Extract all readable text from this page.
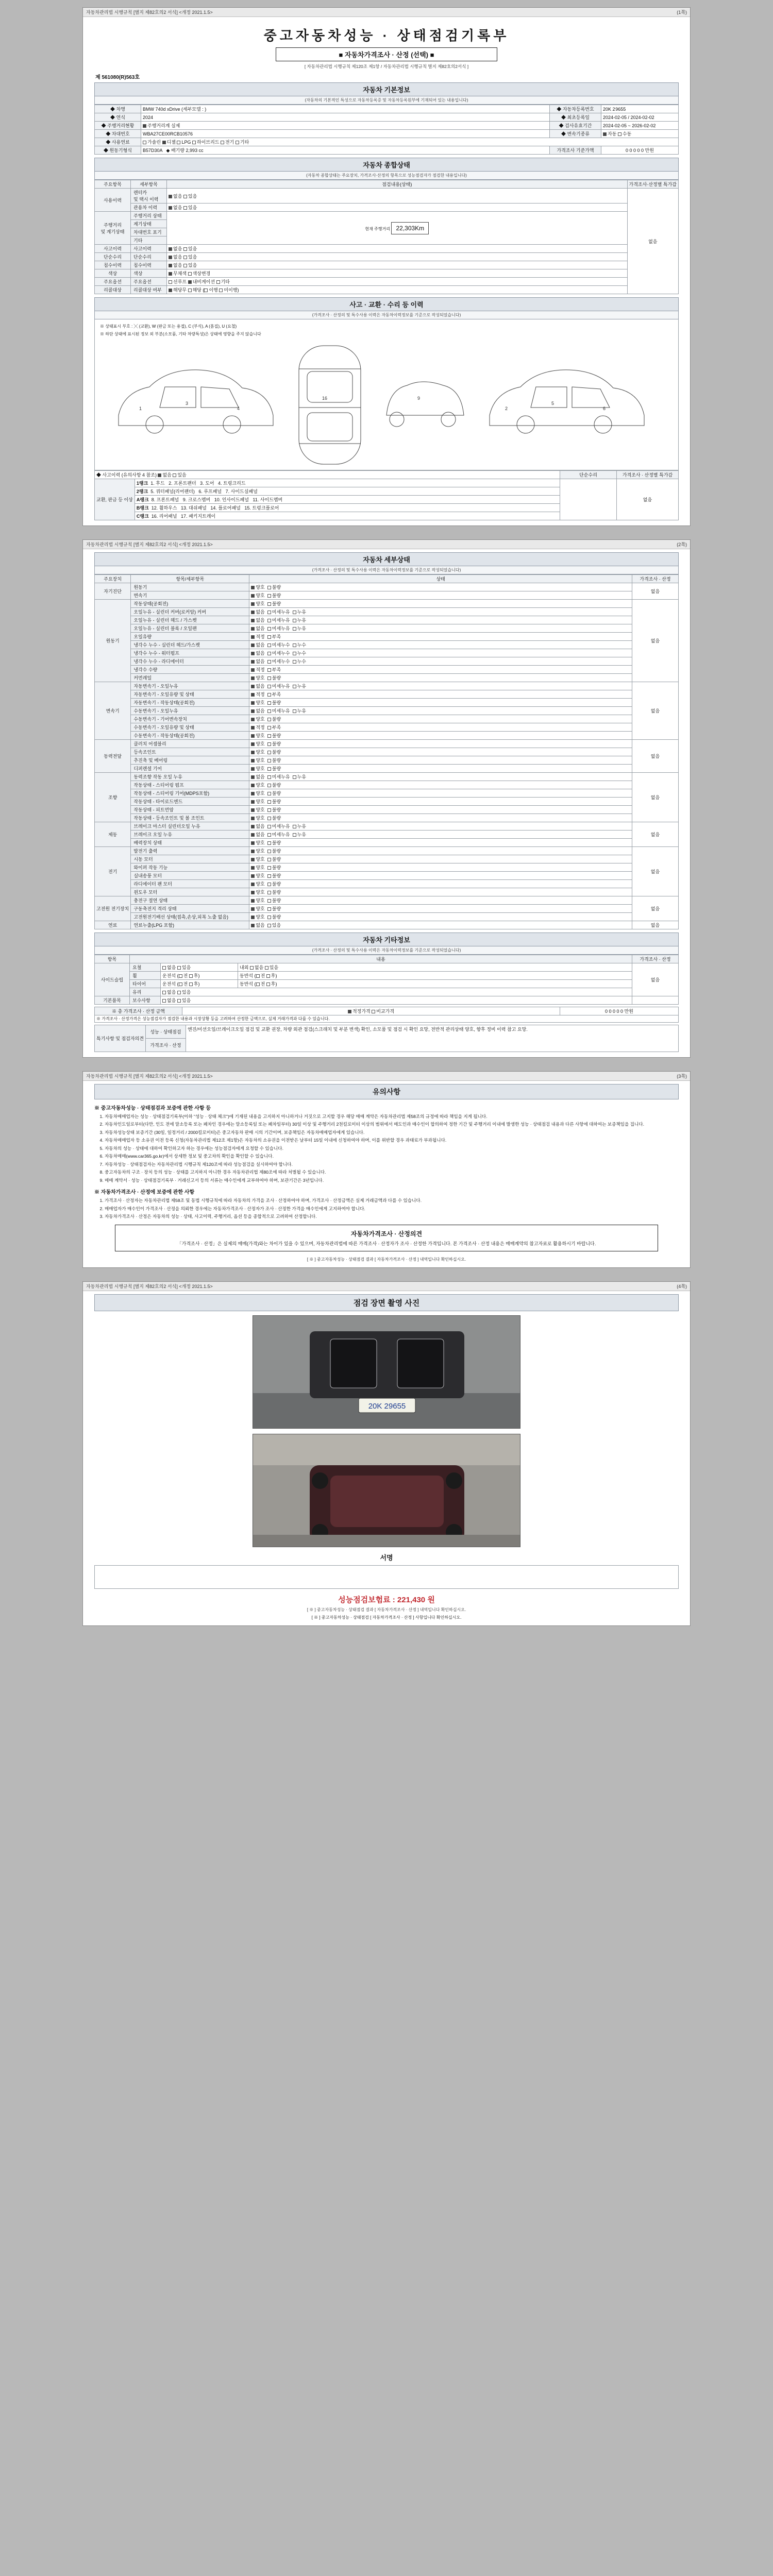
자동차관리법 시행규칙 [별지 제82호의2 서식] <개정 2021.1.5>	(1쪽)
중고자동차성능 · 상태점검기록부
■ 자동차가격조사 · 산정 (선택) ■
[ 자동차관리법 시행규칙 제120조 제1항 / 자동차관리법 시행규칙 별지 제82호의2서식 ]
제 561080(R)563호
자동차 기본정보
(자동차의 기본적인 특성으로 자동차등록증 및 자동차등록원부에 기재되어 있는 내용입니다)
◆ 차명	BMW 740d xDrive (세부모델 : )	◆ 자동차등록번호	20K 2 9655
◆ 연식	2024	◆ 최초등록일	2024-02-05 / 2024-02-02
◆ 주행거리현황	주행거리계 실제	◆ 검사유효기간	2024-02-05 ~ 2026-02-02
◆ 차대번호	WBA27CE00RCB10576	◆ 변속기종류	자동 수동
◆ 사용연료	가솔린 디젤 LPG 하이브리드 전기 기타		
◆ 원동기형식	B57D30A   ◆ 배기량 2,993 cc	가격조사 기준가액	0 0 0 0 0 만원
자동차 종합상태
(자동차 종합상태는 주요장치, 가격조사·산정의 항목으로 성능점검자가 점검한 내용입니다)
주요항목	세부항목	점검내용(상태)	가격조사·산정별 특가감
사용이력	렌터카
및 택시 이력	없음 있음	없음
	관용차 이력	없음 있음	
주행거리
및 계기상태	주행거리 상태	현재 주행거리 22,303Km	
	계기상태		
	차대번호 표기		
	기타		
사고이력	사고이력	없음 있음	
단순수리	단순수리	없음 있음	
침수이력	침수이력	없음 있음	
색상	색상	무채색 색상변경	
주요옵션	주요옵션	선루프 내비게이션 기타	
리콜대상	리콜대상 여부	해당무 해당 ( 이행 미이행)	
사고 · 교환 · 수리 등 이력
(가격조사 · 산정의 및 특수사용 이력은 자동차이력정보를 기준으로 작성되었습니다)
※ 상태표시 부호 : ╳ (교환), W (판금 또는 용접), C (부식), A (흠집), U (요철)
※ 하단 상태에 표시된 정보 외 부분(소모품, 기타 차량특성)은 상태에 영향을 주지 않습니다
1
3
4
16	9
2
5
6
◆ 사고이력 (유의사항 4 참조) 없음 있음		단순수리	가격조사 · 산정별 특가감
교환, 판금 등 이상	1랭크  1. 후드   2. 프론트팬더   3. 도어   4. 트렁크리드		없음
	2랭크  5. 쿼터패널(리어팬더)   6. 루프패널   7. 사이드실패널		
	A랭크  8. 프론트패널   9. 크로스멤버   10. 인사이드패널   11. 사이드멤버		
	B랭크  12. 휠하우스   13. 대쉬패널   14. 플로어패널   15. 트렁크플로어		
	C랭크  16. 리어패널   17. 패키지트레이		
자동차관리법 시행규칙 [별지 제82호의2 서식] <개정 2021.1.5>	(2쪽)
자동차 세부상태
(가격조사 · 산정의 및 특수사용 이력은 자동차이력정보를 기준으로 작성되었습니다)
주요장치	항목/세부항목	상태	가격조사 · 산정
자기진단	원동기	양호  불량	없음
	변속기	양호  불량	
원동기	작동상태(공회전)	양호  불량	없음
	오일누유 - 실린더 커버(로커암) 커버	없음  미세누유  누유	
	오일누유 - 실린더 헤드 / 가스켓	없음  미세누유  누유	
	오일누유 - 실린더 블록 / 오일팬	없음  미세누유  누유	
	오일유량	적정  부족	
	냉각수 누수 - 실린더 헤드/가스켓	없음  미세누수  누수	
	냉각수 누수 - 워터펌프	없음  미세누수  누수	
	냉각수 누수 - 라디에이터	없음  미세누수  누수	
	냉각수 수량	적정  부족	
	커먼레일	양호  불량	
변속기	자동변속기 - 오일누유	없음  미세누유  누유	없음
	자동변속기 - 오일유량 및 상태	적정  부족	
	자동변속기 - 작동상태(공회전)	양호  불량	
	수동변속기 - 오일누유	없음  미세누유  누유	
	수동변속기 - 기어변속장치	양호  불량	
	수동변속기 - 오일유량 및 상태	적정  부족	
	수동변속기 - 작동상태(공회전)	양호  불량	
동력전달	클러치 어셈블리	양호  불량	없음
	등속조인트	양호  불량	
	추진축 및 베어링	양호  불량	
	디퍼렌셜 기어	양호  불량	
조향	동력조향 작동 오일 누유	없음  미세누유  누유	없음
	작동상태 - 스티어링 펌프	양호  불량	
	작동상태 - 스티어링 기어(MDPS포함)	양호  불량	
	작동상태 - 타이로드엔드	양호  불량	
	작동상태 - 피트먼암	양호  불량	
	작동상태 - 등속조인트 및 볼 조인트	양호  불량	
제동	브레이크 마스터 실린더오일 누유	없음  미세누유  누유	없음
	브레이크 오일 누유	없음  미세누유  누유	
	배력장치 상태	양호  불량	
전기	발전기 출력	양호  불량	없음
	시동 모터	양호  불량	
	와이퍼 작동 기능	양호  불량	
	실내송풍 모터	양호  불량	
	라디에이터 팬 모터	양호  불량	
	윈도우 모터	양호  불량	
고전원 전기장치	충전구 절연 상태	양호  불량	없음
	구동축전지 격리 상태	양호  불량	
	고전원전기배선 상태(접촉,손상,피복 노출 없음)	양호  불량	
연료	연료누출(LPG 포함)	없음  있음	없음
자동차 기타정보
(가격조사 · 산정의 및 특수사용 이력은 자동차이력정보를 기준으로 작성되었습니다)
항목	내용			가격조사 · 산정
사이드슬립	요철	없음 있음	내외 없음 있음	없음
	휠	운전석 ( 전 후)	동반석 ( 전 후)	
	타이어	운전석 ( 전 후)	동반석 ( 전 후)	
	유리	없음 있음		
기본품목	보수사항	없음 있음		
※ 총 가격조사 · 산정 금액	적정가격 비교가격	0 0 0 0 0 만원
※ 가격조사 · 산정가격은 성능점검자가 점검한 내용과 시장상황 등을 고려하여 산정한 금액으로, 실제 거래가격과 다를 수 있습니다.
특기사항 및 점검자의견	성능 · 상태점검	엔진/미션오일/브레이크오일 점검 및 교환 권장, 차량 외관 점검(스크래치 및 부분 변색) 확인, 소모품 및 점검 시 확인 요망, 전반적 관리상태 양호, 향후 정비 이력 참고 요망.
가격조사 · 산정
자동차관리법 시행규칙 [별지 제82호의2 서식] <개정 2021.1.5>	(3쪽)
유의사항
※ 중고자동차성능 · 상태점검과 보증에 관한 사항 등
1. 자동차매매업자는 성능 · 상태점검기록부(이하 "성능 · 상태 체크")에 기재된 내용을 고지하지 아니하거나 거짓으로 고지할 경우 해당 매매 계약은 자동차관리법 제58조의 규정에 따라 책임을 지게 됩니다.
2. 자동차인도일로부터(다만, 인도 전에 말소등록 또는 폐차인 경우에는 말소등록일 또는 폐차일부터) 30일 이상 및 주행거리 2천킬로미터 이상의 범위에서 매도인과 매수인이 합의하여 정한 기간 및 주행거리 이내에 발생한 성능 · 상태점검 내용과 다른 사항에 대하여는 보증책임을 집니다.
3. 자동차성능상태 보증기간 (30일, 일정거리 / 2000킬로미터)은 중고자동차 판매 시의 기간이며, 보증책임은 자동차매매업자에게 있습니다.
4. 자동차매매업자 등 소유권 이전 등록 신청(자동차관리법 제12조 제1항)은 자동차의 소유권을 이전받은 날부터 15일 이내에 신청하여야 하며, 이를 위반할 경우 과태료가 부과됩니다.
5. 자동차의 성능 · 상태에 대하여 확인하고자 하는 경우에는 성능점검자에게 요청할 수 있습니다.
6. 자동차매매(www.car365.go.kr)에서 상세한 정보 및 중고차의 확인을 확인할 수 있습니다.
7. 자동차성능 · 상태점검자는 자동차관리법 시행규칙 제120조에 따라 성능점검을 실시하여야 합니다.
8. 중고자동차의 구조 · 장치 등의 성능 · 상태를 고지하지 아니한 경우 자동차관리법 제80조에 따라 처벌될 수 있습니다.
9. 매매 계약서 · 성능 · 상태점검기록부 · 거래신고서 등의 서류는 매수인에게 교부하여야 하며, 보관기간은 3년입니다.
※ 자동차가격조사 · 산정에 보증에 관한 사항
1. 가격조사 · 산정자는 자동차관리법 제58조 및 동법 시행규칙에 따라 자동차의 가격을 조사 · 산정하여야 하며, 가격조사 · 산정금액은 실제 거래금액과 다를 수 있습니다.
2. 매매업자가 매수인이 가격조사 · 산정을 의뢰한 경우에는 자동차가격조사 · 산정자가 조사 · 산정한 가격을 매수인에게 고지하여야 합니다.
3. 자동차가격조사 · 산정은 자동차의 성능 · 상태, 사고이력, 주행거리, 옵션 등을 종합적으로 고려하여 산정합니다.
자동차가격조사 · 산정의견
「가격조사 · 산정」은 실제의 매매(가격)와는 차이가 있을 수 있으며, 자동차관리법에 따른 가격조사 · 산정자가 조사 · 산정한 가격입니다. 본 가격조사 · 산정 내용은 매매계약의 참고자료로 활용하시기 바랍니다.
[ ※ ] 중고자동차성능 · 상태점검 결과 [ 자동차가격조사 · 산정 ] 내역입니다 확인하십시오.
자동차관리법 시행규칙 [별지 제82호의2 서식] <개정 2021.1.5>	(4쪽)
점검 장면 촬영 사진
20K 29655
서명
성능점검보험료 : 221,430 원
[ ※ ] 중고자동차성능 · 상태점검 결과 [ 자동차가격조사 · 산정 ] 내역입니다 확인하십시오.
[ ※ ] 중고자동차성능 · 상태점검 [ 자동차가격조사 · 산정 ] 사항입니다 확인하십시오.
